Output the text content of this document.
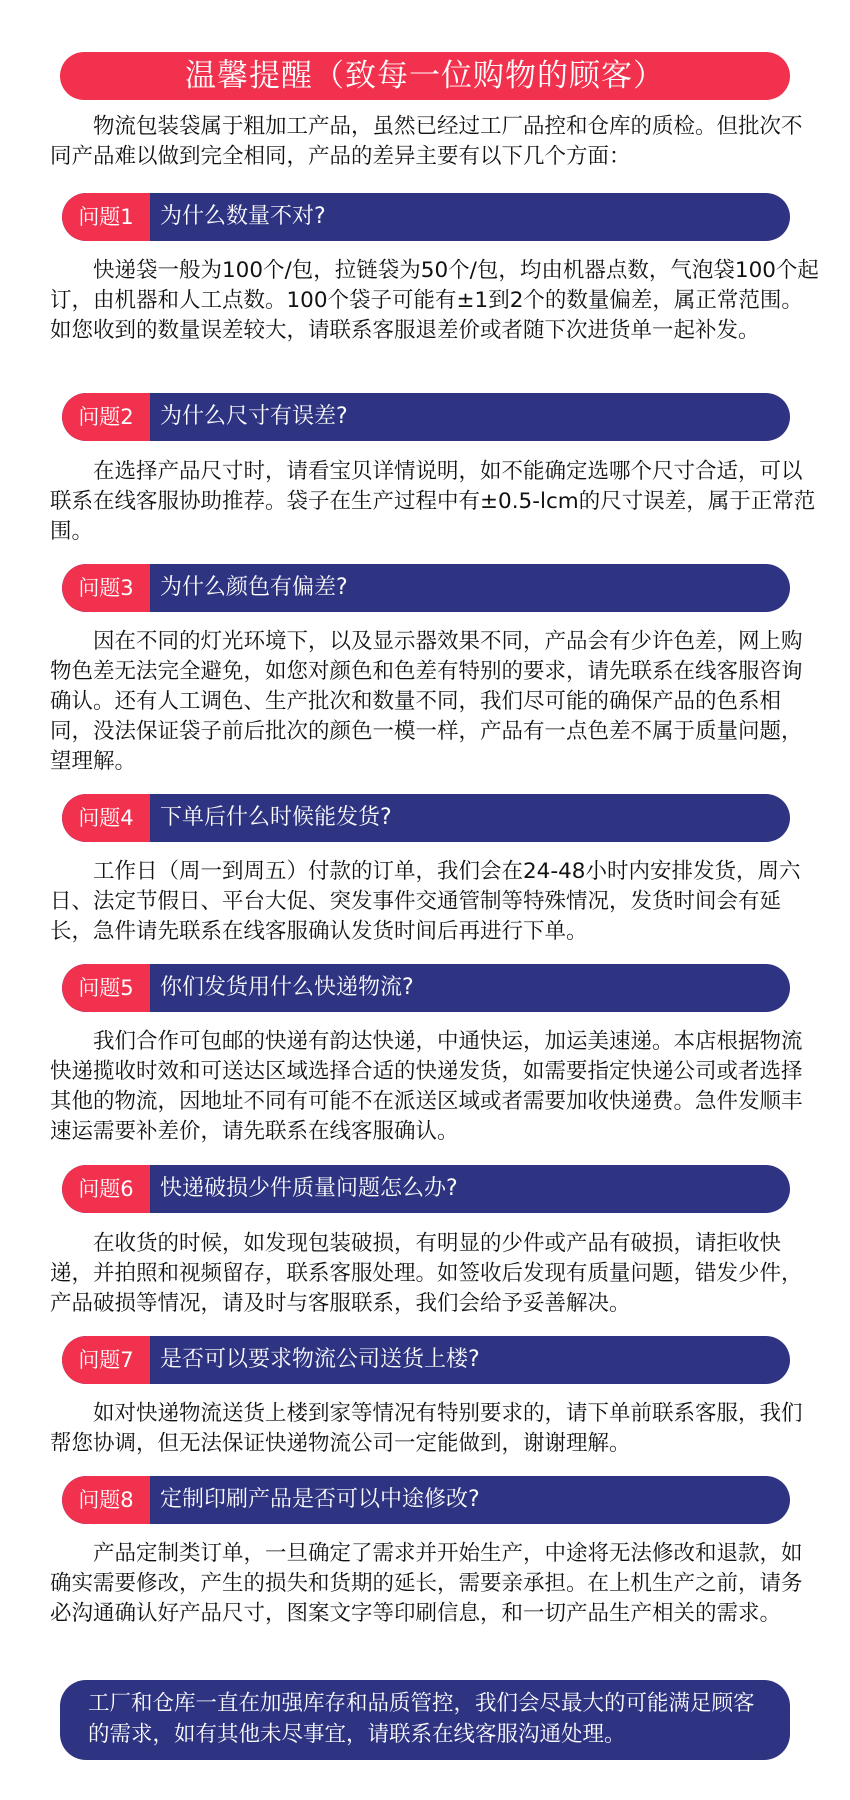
温馨提醒（致每一位购物的顾客）

物流包装袋属于粗加工产品，虽然已经过工厂品控和仓库的质检。但批次不同产品难以做到完全相同，产品的差异主要有以下几个方面：

问题1	为什么数量不对?

快递袋一般为100个/包，拉链袋为50个/包，均由机器点数，气泡袋100个起订，由机器和人工点数。100个袋子可能有±1到2个的数量偏差，属正常范围。如您收到的数量误差较大，请联系客服退差价或者随下次进货单一起补发。

问题2	为什么尺寸有误差?

在选择产品尺寸时，请看宝贝详情说明，如不能确定选哪个尺寸合适，可以联系在线客服协助推荐。袋子在生产过程中有±0.5-lcm的尺寸误差，属于正常范围。

问题3	为什么颜色有偏差?

因在不同的灯光环境下，以及显示器效果不同，产品会有少许色差，网上购物色差无法完全避免，如您对颜色和色差有特别的要求，请先联系在线客服咨询确认。还有人工调色、生产批次和数量不同，我们尽可能的确保产品的色系相同，没法保证袋子前后批次的颜色一模一样，产品有一点色差不属于质量问题，望理解。

问题4	下单后什么时候能发货?

工作日（周一到周五）付款的订单，我们会在24-48小时内安排发货，周六日、法定节假日、平台大促、突发事件交通管制等特殊情况，发货时间会有延长，急件请先联系在线客服确认发货时间后再进行下单。

问题5	你们发货用什么快递物流?

我们合作可包邮的快递有韵达快递，中通快运，加运美速递。本店根据物流快递揽收时效和可送达区域选择合适的快递发货，如需要指定快递公司或者选择其他的物流，因地址不同有可能不在派送区域或者需要加收快递费。急件发顺丰速运需要补差价，请先联系在线客服确认。

问题6	快递破损少件质量问题怎么办?

在收货的时候，如发现包装破损，有明显的少件或产品有破损，请拒收快递，并拍照和视频留存，联系客服处理。如签收后发现有质量问题，错发少件，产品破损等情况，请及时与客服联系，我们会给予妥善解决。

问题7	是否可以要求物流公司送货上楼?

如对快递物流送货上楼到家等情况有特别要求的，请下单前联系客服，我们帮您协调，但无法保证快递物流公司一定能做到，谢谢理解。

问题8	定制印刷产品是否可以中途修改?

产品定制类订单，一旦确定了需求并开始生产，中途将无法修改和退款，如确实需要修改，产生的损失和货期的延长，需要亲承担。在上机生产之前，请务必沟通确认好产品尺寸，图案文字等印刷信息，和一切产品生产相关的需求。

工厂和仓库一直在加强库存和品质管控，我们会尽最大的可能满足顾客的需求，如有其他未尽事宜，请联系在线客服沟通处理。
